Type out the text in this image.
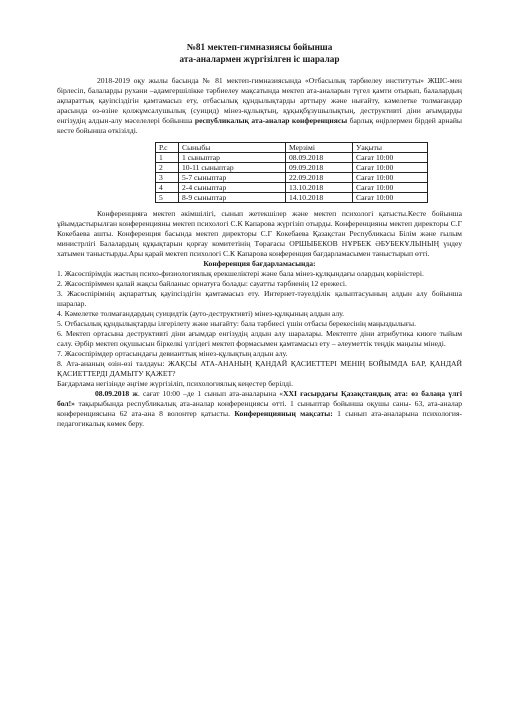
№81 мектеп-гимназиясы бойынша
ата-аналармен жүргізілген іс шаралар

2018-2019 оқу жылы басында № 81 мектеп-гимназиясында «Отбасылық тәрбиелеу институты» ЖШС-мен бірлесіп, балаларды рухани –адамгершілікке тәрбиелеу мақсатында мектеп ата-аналарын түгел қамти отырып, балалардың ақпараттық қауіпсіздігін қамтамасыз ету, отбасылық құндылықтарды арттыру және нығайту, кәмелетке толмағандар арасында өз-өзіне қолжұмсалушылық (суицид) мінез-құлықтың, құқықбұзушылықтың, деструктивті діни ағымдарды енгізудің алдын-алу мәселелері бойынша республикалық ата-аналар конференциясы барлық өңірлермен бірдей арнайы кесте бойынша өткізілді.

Р.с	Сыныбы	Мерзімі	Уақыты
1	1 сыныптар	08.09.2018	Сағат 10:00
2	10-11 сыныптар	09.09.2018	Сағат 10:00
3	5-7 сыныптар	22.09.2018	Сағат 10:00
4	2-4 сыныптар	13.10.2018	Сағат 10:00
5	8-9 сыныптар	14.10.2018	Сағат 10:00

Конференцияға мектеп әкімшілігі, сынып жетекшілер және мектеп психологі қатысты.Кесте бойынша ұйымдастырылған конференцияны мектеп психологі С.К Капарова жүргізіп отырды. Конференцияны мектеп директоры С.Г Кокебаева ашты. Конференция басында мектеп директоры С.Г Кокебаева Қазақстан Республикасы Білім және ғылым министрлігі Балалардың құқықтарын қорғау комитетінің Төрағасы ОРШЫБЕКОВ НҰРБЕК ӘБУБЕКҰЛЫНЫҢ үндеу хатымен таныстырды.Ары қарай мектеп психологі С.К Капарова конференция бағдарламасымен таныстырып өтті.

Конференция бағдарламасында:

1. Жасөспірімдік жастың психо-физиологиялық ерекшеліктері және бала мінез-құлқындағы олардың көріністері.

2. Жасөспіріммен қалай жақсы байланыс орнатуға болады: сауатты тәрбиенің 12 ережесі.

3. Жасөспірімнің ақпараттық қауіпсіздігін қамтамасыз ету. Интернет-тәуелділік қалыптасуының алдын алу бойынша шаралар.

4. Кәмелетке толмағандардың суицидтік (ауто-деструктивті) мінез-құлқының алдын алу.

5. Отбасылық құндылықтарды ілгерілету және нығайту: бала тәрбиесі үшін отбасы берекесінің маңыздылығы.

6. Мектеп ортасына деструктивті діни ағымдар енгізудің алдын алу шаралары. Мектепте діни атрибутика киюге тыйым салу. Әрбір мектеп оқушысын біркелкі үлгідегі мектеп формасымен қамтамасыз ету – әлеуметтік теңдік маңызы мінеді.

7. Жасөспірімдер ортасындағы девианттық мінез-құлықтың алдын алу.

8. Ата-ананың өзін-өзі талдауы: ЖАҚСЫ АТА-АНАНЫҢ ҚАНДАЙ ҚАСИЕТТЕРІ МЕНІҢ БОЙЫМДА БАР, ҚАНДАЙ ҚАСИЕТТЕРДІ ДАМЫТУ ҚАЖЕТ?

Бағдарлама негізінде әңгіме жүргізіліп, психологиялық кеңестер берілді.

08.09.2018 ж. сағат 10:00 –де 1 сынып ата-аналарына «XXI ғасырдағы Қазақстандық ата: өз балаңа үлгі бол!» тақырыбында республикалық ата-аналар конференциясы өтті. 1 сыныптар бойынша оқушы саны- 63, ата-аналар конференциясына 62 ата-ана 8 волонтер қатысты. Конференцияның мақсаты: 1 сынып ата-аналарына психология-педагогикалық көмек беру.
